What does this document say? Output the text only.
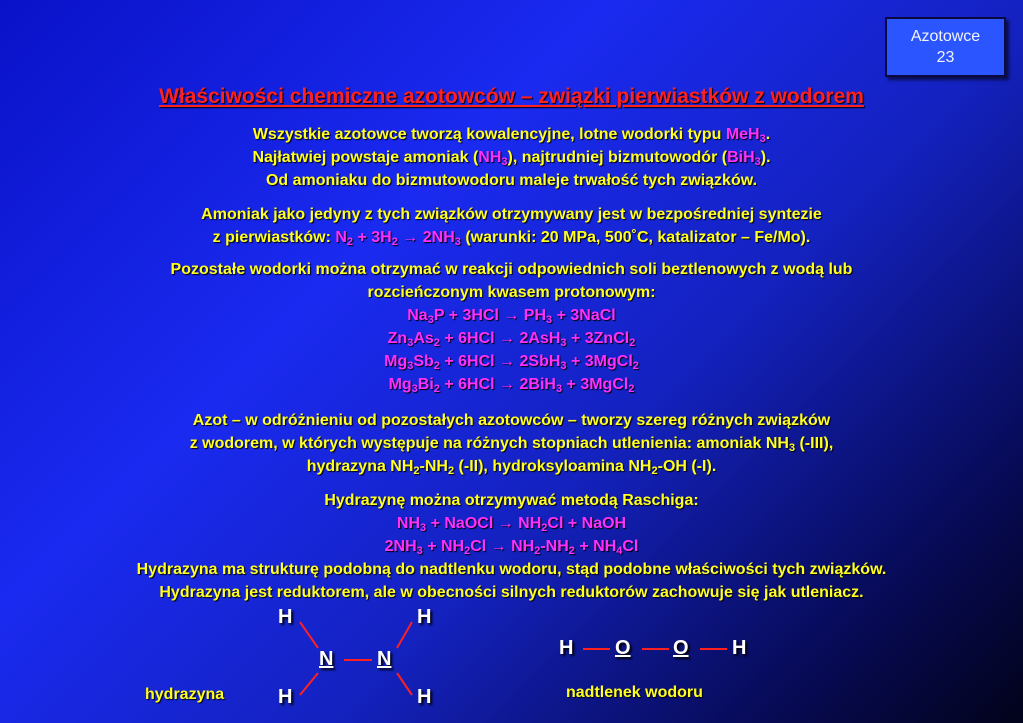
Azotowce
23
Właściwości chemiczne azotowców – związki pierwiastków z wodorem
Wszystkie azotowce tworzą kowalencyjne, lotne wodorki typu MeH$_3$.
Najłatwiej powstaje amoniak $(NH_3)$, najtrudniej bizmutowodór (BiH$_3$).
Od amoniaku do bizmutowodoru maleje trwałość tych związków.
Amoniak jako jedyny z tych związków otrzymywany jest w bezpośredniej syntezie
z pierwiastków: $N_2 + 3H_2 \to 2NH_3$ (warunki: 20 MPa, 500˚C, katalizator – Fe/Mo).
Pozostałe wodorki można otrzymać w reakcji odpowiednich soli beztlenowych z wodą lub
rozcieńczonym kwasem protonowym:
$Na_3P + 3HCl \to PH_3$ + 3NaCl
$Zn_3As_2 + 6HCl \to 2AsH_3$ + 3ZnCl$_2$
$Mg_3Sb_2 + 6HCl \to 2SbH_3$ + 3MgCl$_2$
$Mg_3Bi_2 + 6HCl \to 2BiH_3$ + 3MgCl$_2$
Azot – w odróżnieniu od pozostałych azotowców – tworzy szereg różnych związków
z wodorem, w których występuje na różnych stopniach utlenienia: amoniak $NH_3$ (-III),
hydrazyna $NH_2-NH_2$ (-II), hydroksyloamina $NH_2-OH$ (-I).
Hydrazynę można otrzymywać metodą Raschiga:
$NH_3$ + NaOCl → $NH_2Cl$ + NaOH
$2NH_3 + NH_2Cl \to NH_2-NH_2 + NH_4Cl$
Hydrazyna ma strukturę podobną do nadtlenku wodoru, stąd podobne właściwości tych związków.
Hydrazyna jest reduktorem, ale w obecności silnych reduktorów zachowuje się jak utleniacz.
H	H
N N
H	H
hydrazyna
H O O H
nadtlenek wodoru
